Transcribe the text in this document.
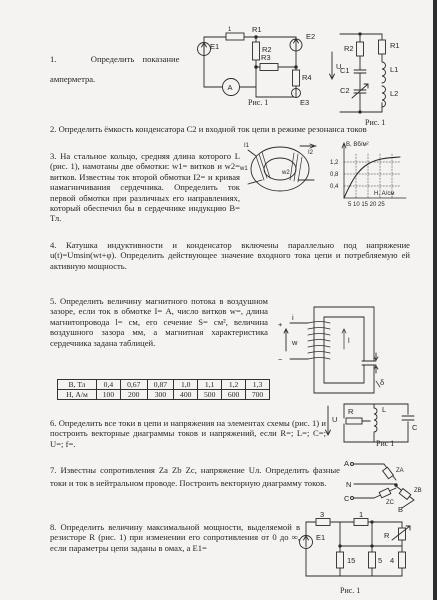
1.	Определить показание
амперметра.
E1
1	R1
E2
R2
R3
R4
A
E3
Рис. 1
R2	R1
C1
C2
L1
L2
U
Рис. 1
2. Определить ёмкость конденсатора С2 и входной ток цепи в режиме резонанса токов
3. На стальное кольцо, средняя длина которого L (рис. 1), намотаны две обмотки: w1= витков и w2= витков. Известны ток второй обмотки I2= и кривая намагничивания сердечника. Определить ток первой обмотки при различных его направлениях, который обеспечил бы в сердечнике индукцию B= Тл.
I1
I2
w1
w2
B, Вб/м²
1,2
0,8
0,4
H, А/см
5 10 15 20 25
4. Катушка индуктивности и конденсатор включены параллельно под напряжение u(t)=Umsin(wt+φ). Определить действующее значение входного тока цепи и потребляемую ей активную мощность.
5. Определить величину магнитного потока в воздушном зазоре, если ток в обмотке I= А, число витков w=, длина магнитопровода l= см, его сечение S= см², величина воздушного зазора мм, а магнитная характеристика сердечника задана таблицей.
+
−
i
w	l
δ
B, Тл	0,4	0,67	0,87	1,0	1,1	1,2	1,3
H, А/м	100	200	300	400	500	600	700
U
R	L
C
Рис 1
6. Определить все токи в цепи и напряжения на элементах схемы (рис. 1) и построить векторные диаграммы токов и напряжений, если R=; L=; C=; U=; f=.
7. Известны сопротивления Za Zb Zc, напряжение Uл. Определить фазные токи и ток в нейтральном проводе. Построить векторную диаграмму токов.
A
N
C
B
ZA
ZB
ZC
8. Определить величину максимальной мощности, выделяемой в резисторе R (рис. 1) при изменении его сопротивления от 0 до ∞, если параметры цепи заданы в омах, а E1=
E1
3	1
15	5 4
R
Рис. 1
